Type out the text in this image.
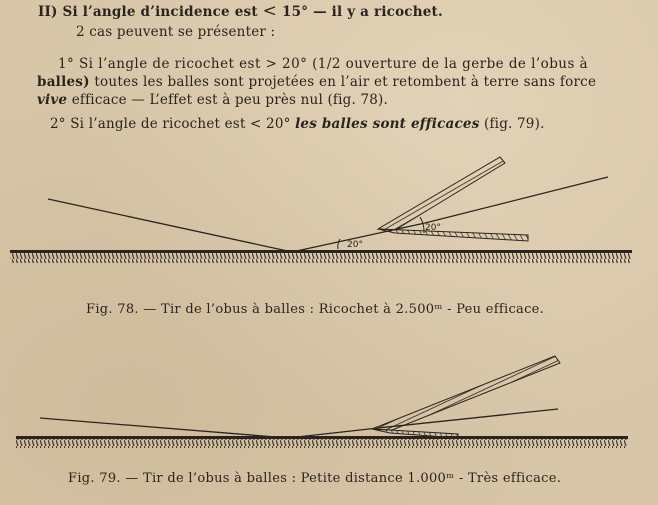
II) Si l’angle d’incidence est < 15° — il y a ricochet.
2 cas peuvent se présenter :
1° Si l’angle de ricochet est > 20° (1/2 ouverture de la gerbe de l’obus à
balles) toutes les balles sont projetées en l’air et retombent à terre sans force
vive efficace — L’effet est à peu près nul (fig. 78).
2° Si l’angle de ricochet est < 20° les balles sont efficaces (fig. 79).
20°
20°
Fig. 78. — Tir de l’obus à balles : Ricochet à 2.500ᵐ - Peu efficace.
Fig. 79. — Tir de l’obus à balles : Petite distance 1.000ᵐ - Très efficace.
